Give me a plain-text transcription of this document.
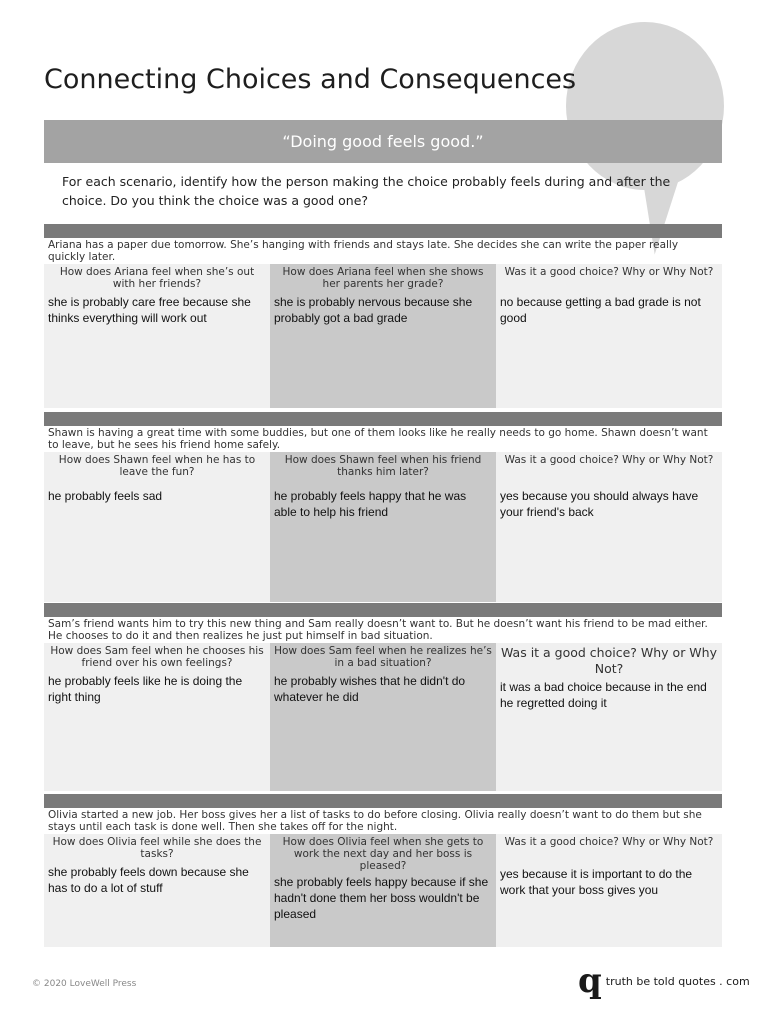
Connecting Choices and Consequences
“Doing good feels good.”

For each scenario, identify how the person making the choice probably feels during and after the choice. Do you think the choice was a good one?

Ariana has a paper due tomorrow. She’s hanging with friends and stays late. She decides she can write the paper really quickly later.
How does Ariana feel when she’s out with her friends?
she is probably care free because she thinks everything will work out
How does Ariana feel when she shows her parents her grade?
she is probably nervous because she probably got a bad grade
Was it a good choice? Why or Why Not?
no because getting a bad grade is not good
Shawn is having a great time with some buddies, but one of them looks like he really needs to go home. Shawn doesn’t want to leave, but he sees his friend home safely.
How does Shawn feel when he has to leave the fun?
he probably feels sad
How does Shawn feel when his friend thanks him later?
he probably feels happy that he was able to help his friend
Was it a good choice? Why or Why Not?
yes because you should always have your friend's back
Sam’s friend wants him to try this new thing and Sam really doesn’t want to. But he doesn’t want his friend to be mad either. He chooses to do it and then realizes he just put himself in bad situation.
How does Sam feel when he chooses his friend over his own feelings?
he probably feels like he is doing the right thing
How does Sam feel when he realizes he’s in a bad situation?
he probably wishes that he didn't do whatever he did
Was it a good choice? Why or Why Not?
it was a bad choice because in the end he regretted doing it
Olivia started a new job. Her boss gives her a list of tasks to do before closing. Olivia really doesn’t want to do them but she stays until each task is done well. Then she takes off for the night.
How does Olivia feel while she does the tasks?
she probably feels down because she has to do a lot of stuff
How does Olivia feel when she gets to work the next day and her boss is pleased?
she probably feels happy because if she hadn't done them her boss wouldn't be pleased
Was it a good choice? Why or Why Not?
yes because it is important to do the work that your boss gives you
© 2020 LoveWell Press	q truth be told quotes . com
